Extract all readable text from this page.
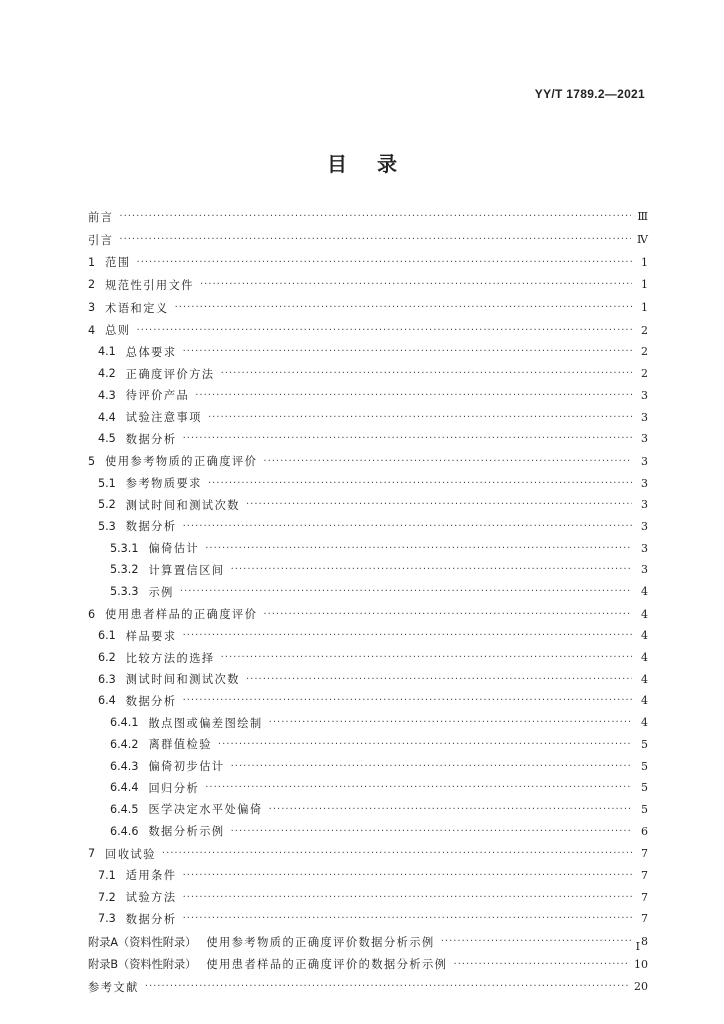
YY/T 1789.2—2021
目录
前言 ·····	Ⅲ
引言 ·····	Ⅳ
1 范围 ·····	1
2 规范性引用文件 ·····	1
3 术语和定义 ·····	1
4 总则 ·····	2
4.1 总体要求 ·····	2
4.2 正确度评价方法 ·····	2
4.3 待评价产品 ·····	3
4.4 试验注意事项 ·····	3
4.5 数据分析 ·····	3
5 使用参考物质的正确度评价 ·····	3
5.1 参考物质要求 ·····	3
5.2 测试时间和测试次数 ·····	3
5.3 数据分析 ·····	3
5.3.1 偏倚估计 ·····	3
5.3.2 计算置信区间 ·····	3
5.3.3 示例 ·····	4
6 使用患者样品的正确度评价 ·····	4
6.1 样品要求 ·····	4
6.2 比较方法的选择 ·····	4
6.3 测试时间和测试次数 ·····	4
6.4 数据分析 ·····	4
6.4.1 散点图或偏差图绘制 ·····	4
6.4.2 离群值检验 ·····	5
6.4.3 偏倚初步估计 ·····	5
6.4.4 回归分析 ·····	5
6.4.5 医学决定水平处偏倚 ·····	5
6.4.6 数据分析示例 ·····	6
7 回收试验 ·····	7
7.1 适用条件 ·····	7
7.2 试验方法 ·····	7
7.3 数据分析 ·····	7
附录A（资料性附录） 使用参考物质的正确度评价数据分析示例 ·····	8
附录B（资料性附录） 使用患者样品的正确度评价的数据分析示例 ·····	10
参考文献 ·····	20
I
